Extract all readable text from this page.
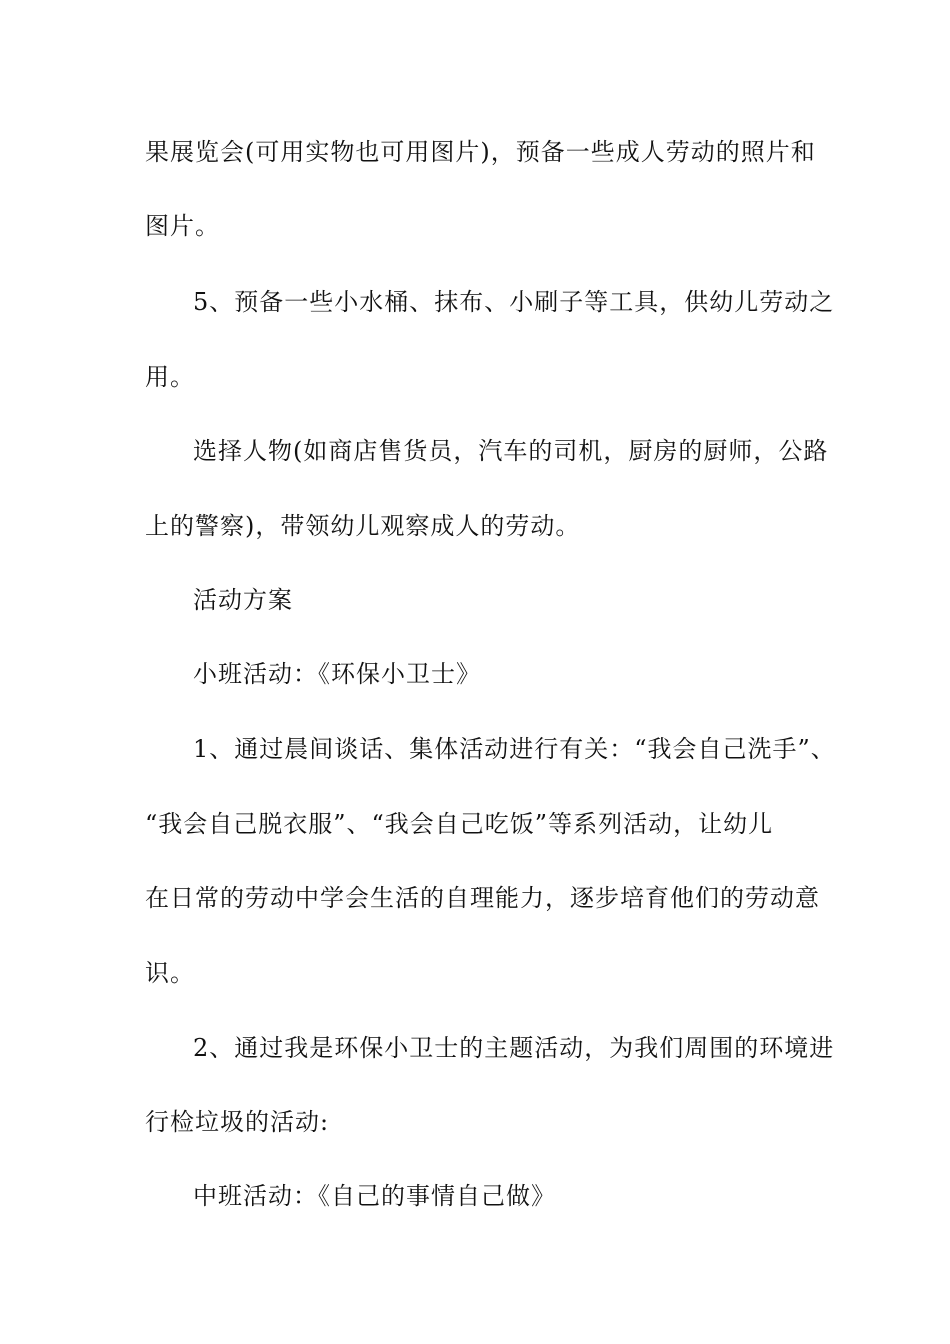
果展览会(可用实物也可用图片)，预备一些成人劳动的照片和
图片。
5、预备一些小水桶、抹布、小刷子等工具，供幼儿劳动之
用。
选择人物(如商店售货员，汽车的司机，厨房的厨师，公路
上的警察)，带领幼儿观察成人的劳动。
活动方案
小班活动：《环保小卫士》
1、通过晨间谈话、集体活动进行有关：“我会自己洗手”、
“我会自己脱衣服”、“我会自己吃饭”等系列活动，让幼儿
在日常的劳动中学会生活的自理能力，逐步培育他们的劳动意
识。
2、通过我是环保小卫士的主题活动，为我们周围的环境进
行检垃圾的活动:
中班活动：《自己的事情自己做》
